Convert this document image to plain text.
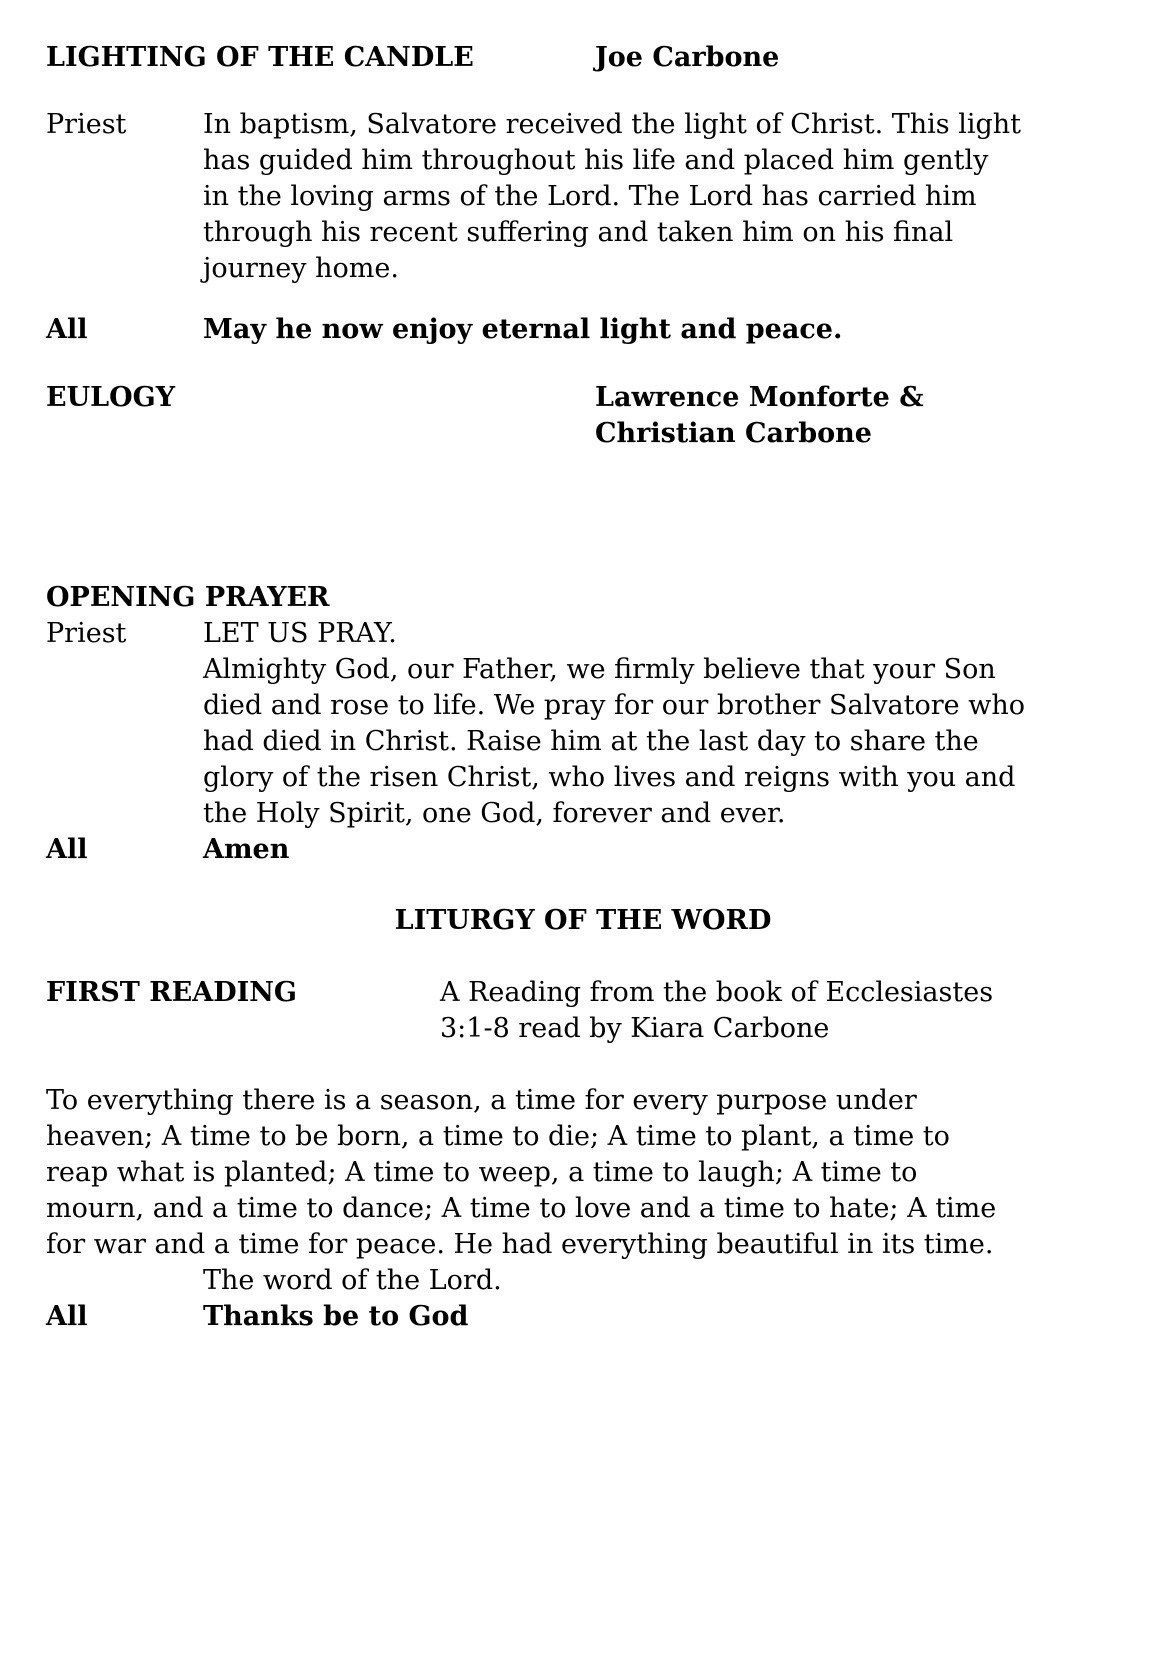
LIGHTING OF THE CANDLE	Joe Carbone
Priest	In baptism, Salvatore received the light of Christ. This light
has guided him throughout his life and placed him gently
in the loving arms of the Lord. The Lord has carried him
through his recent suffering and taken him on his final
journey home.
All	May he now enjoy eternal light and peace.
EULOGY	Lawrence Monforte &
Christian Carbone
OPENING PRAYER
Priest	LET US PRAY.
Almighty God, our Father, we firmly believe that your Son
died and rose to life. We pray for our brother Salvatore who
had died in Christ. Raise him at the last day to share the
glory of the risen Christ, who lives and reigns with you and
the Holy Spirit, one God, forever and ever.
All	Amen
LITURGY OF THE WORD
FIRST READING	A Reading from the book of Ecclesiastes
3:1-8 read by Kiara Carbone
To everything there is a season, a time for every purpose under
heaven; A time to be born, a time to die; A time to plant, a time to
reap what is planted; A time to weep, a time to laugh; A time to
mourn, and a time to dance; A time to love and a time to hate; A time
for war and a time for peace. He had everything beautiful in its time.
The word of the Lord.
All	Thanks be to God
